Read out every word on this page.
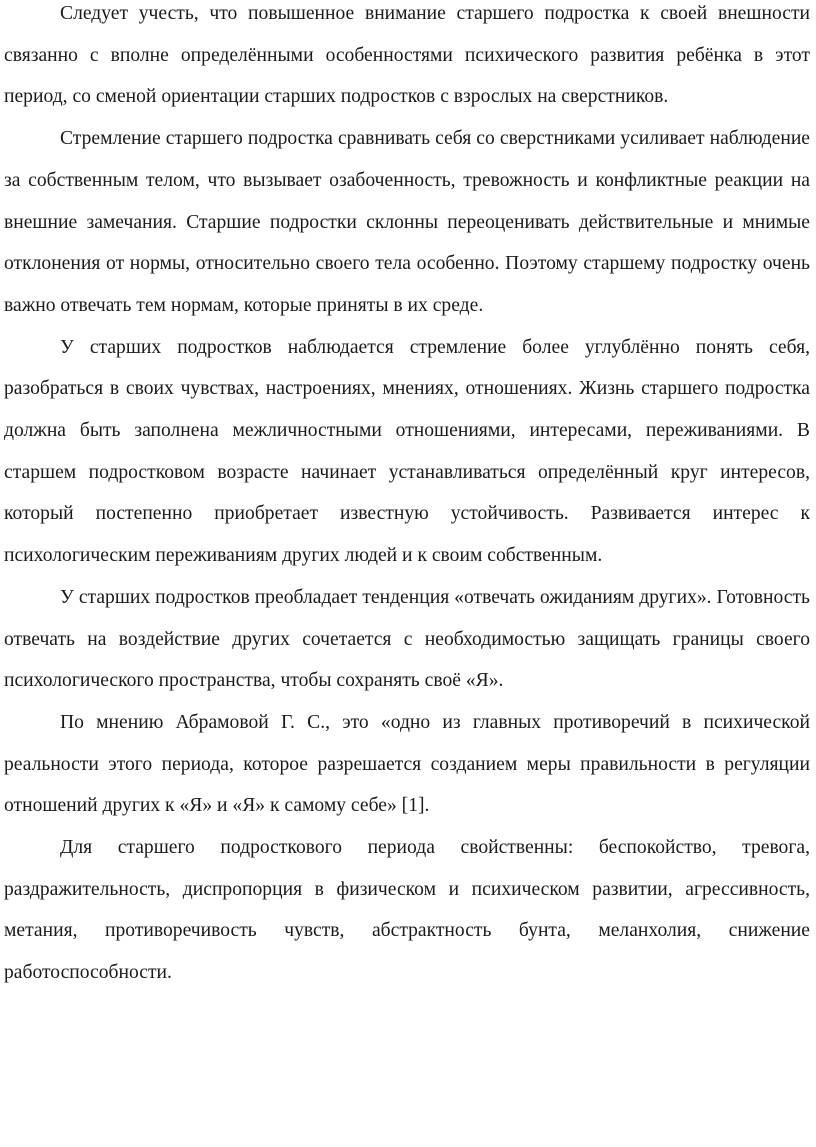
Следует учесть, что повышенное внимание старшего подростка к своей внешности связанно с вполне определёнными особенностями психического развития ребёнка в этот период, со сменой ориентации старших подростков с взрослых на сверстников.

Стремление старшего подростка сравнивать себя со сверстниками усиливает наблюдение за собственным телом, что вызывает озабоченность, тревожность и конфликтные реакции на внешние замечания. Старшие подростки склонны переоценивать действительные и мнимые отклонения от нормы, относительно своего тела особенно. Поэтому старшему подростку очень важно отвечать тем нормам, которые приняты в их среде.

У старших подростков наблюдается стремление более углублённо понять себя, разобраться в своих чувствах, настроениях, мнениях, отношениях. Жизнь старшего подростка должна быть заполнена межличностными отношениями, интересами, переживаниями. В старшем подростковом возрасте начинает устанавливаться определённый круг интересов, который постепенно приобретает известную устойчивость. Развивается интерес к психологическим переживаниям других людей и к своим собственным.

У старших подростков преобладает тенденция «отвечать ожиданиям других». Готовность отвечать на воздействие других сочетается с необходимостью защищать границы своего психологического пространства, чтобы сохранять своё «Я».

По мнению Абрамовой Г. С., это «одно из главных противоречий в психической реальности этого периода, которое разрешается созданием меры правильности в регуляции отношений других к «Я» и «Я» к самому себе» [1].

Для старшего подросткового периода свойственны: беспокойство, тревога, раздражительность, диспропорция в физическом и психическом развитии, агрессивность, метания, противоречивость чувств, абстрактность бунта, меланхолия, снижение работоспособности.
